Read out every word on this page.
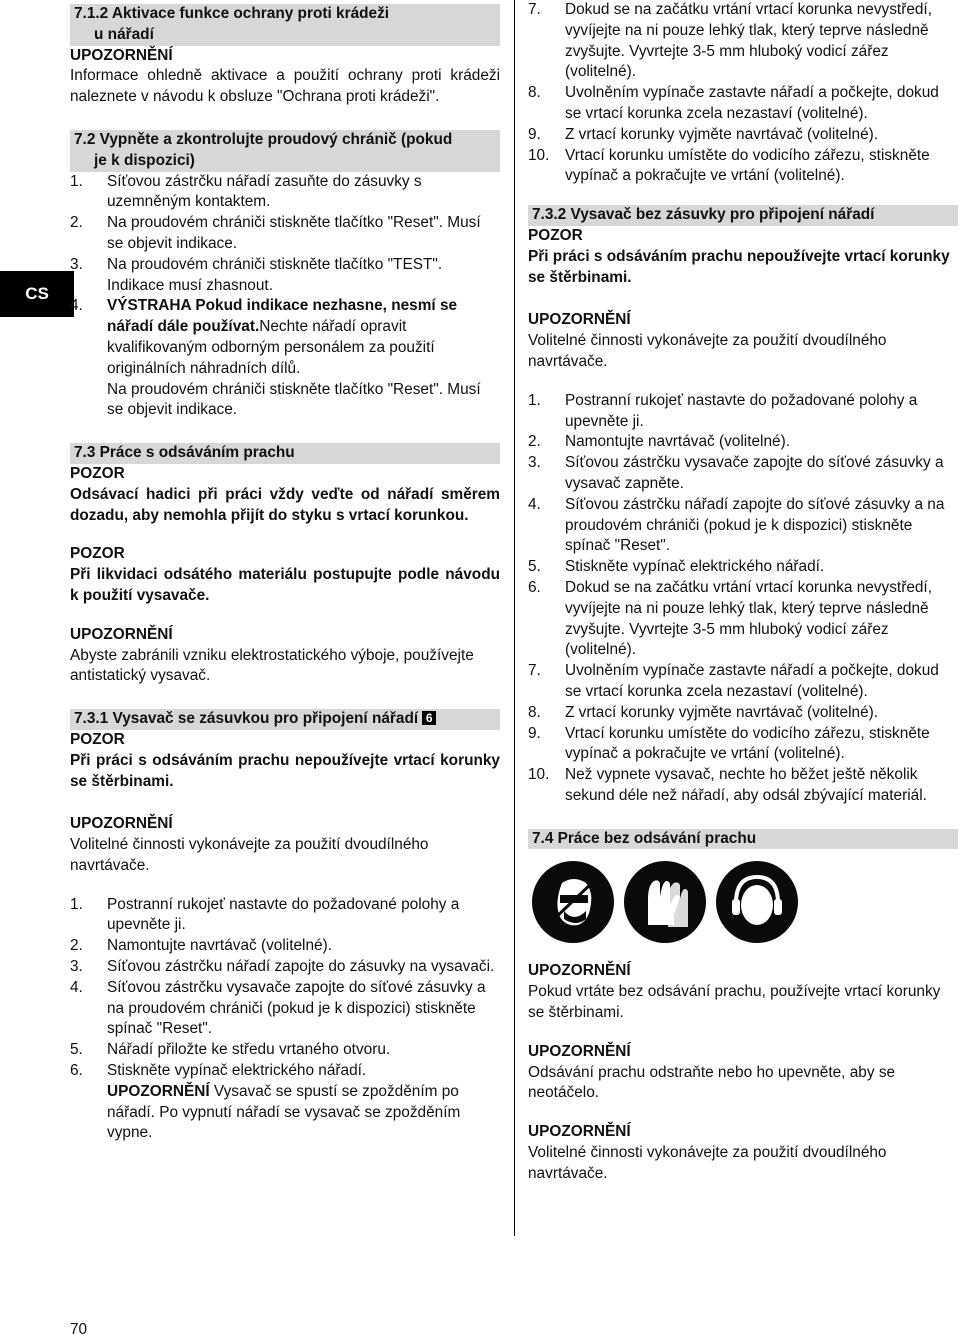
CS
7.1.2 Aktivace funkce ochrany proti krádeži
u nářadí

UPOZORNĚNÍ

Informace ohledně aktivace a použití ochrany proti krádeži naleznete v návodu k obsluze "Ochrana proti krádeži".

7.2 Vypněte a zkontrolujte proudový chránič (pokud
je k dispozici)
1. Síťovou zástrčku nářadí zasuňte do zásuvky s uzemněným kontaktem.
2. Na proudovém chrániči stiskněte tlačítko "Reset". Musí se objevit indikace.
3. Na proudovém chrániči stiskněte tlačítko "TEST". Indikace musí zhasnout.
4. VÝSTRAHA Pokud indikace nezhasne, nesmí se nářadí dále používat.Nechte nářadí opravit kvalifikovaným odborným personálem za použití originálních náhradních dílů.
Na proudovém chrániči stiskněte tlačítko "Reset". Musí se objevit indikace.
7.3 Práce s odsáváním prachu

POZOR

Odsávací hadici při práci vždy veďte od nářadí směrem dozadu, aby nemohla přijít do styku s vrtací korunkou.

POZOR

Při likvidaci odsátého materiálu postupujte podle návodu k použití vysavače.

UPOZORNĚNÍ

Abyste zabránili vzniku elektrostatického výboje, používejte antistatický vysavač.

7.3.1 Vysavač se zásuvkou pro připojení nářadí 6

POZOR

Při práci s odsáváním prachu nepoužívejte vrtací korunky se štěrbinami.

UPOZORNĚNÍ

Volitelné činnosti vykonávejte za použití dvoudílného navrtávače.

1. Postranní rukojeť nastavte do požadované polohy a upevněte ji.
2. Namontujte navrtávač (volitelné).
3. Síťovou zástrčku nářadí zapojte do zásuvky na vysavači.
4. Síťovou zástrčku vysavače zapojte do síťové zásuvky a na proudovém chrániči (pokud je k dispozici) stiskněte spínač "Reset".
5. Nářadí přiložte ke středu vrtaného otvoru.
6. Stiskněte vypínač elektrického nářadí.
UPOZORNĚNÍ Vysavač se spustí se zpožděním po nářadí. Po vypnutí nářadí se vysavač se zpožděním vypne.
7. Dokud se na začátku vrtání vrtací korunka nevystředí, vyvíjejte na ni pouze lehký tlak, který teprve následně zvyšujte. Vyvrtejte 3-5 mm hluboký vodicí zářez (volitelné).
8. Uvolněním vypínače zastavte nářadí a počkejte, dokud se vrtací korunka zcela nezastaví (volitelné).
9. Z vrtací korunky vyjměte navrtávač (volitelné).
10. Vrtací korunku umístěte do vodicího zářezu, stiskněte vypínač a pokračujte ve vrtání (volitelné).
7.3.2 Vysavač bez zásuvky pro připojení nářadí

POZOR

Při práci s odsáváním prachu nepoužívejte vrtací korunky se štěrbinami.

UPOZORNĚNÍ

Volitelné činnosti vykonávejte za použití dvoudílného navrtávače.

1. Postranní rukojeť nastavte do požadované polohy a upevněte ji.
2. Namontujte navrtávač (volitelné).
3. Síťovou zástrčku vysavače zapojte do síťové zásuvky a vysavač zapněte.
4. Síťovou zástrčku nářadí zapojte do síťové zásuvky a na proudovém chrániči (pokud je k dispozici) stiskněte spínač "Reset".
5. Stiskněte vypínač elektrického nářadí.
6. Dokud se na začátku vrtání vrtací korunka nevystředí, vyvíjejte na ni pouze lehký tlak, který teprve následně zvyšujte. Vyvrtejte 3-5 mm hluboký vodicí zářez (volitelné).
7. Uvolněním vypínače zastavte nářadí a počkejte, dokud se vrtací korunka zcela nezastaví (volitelné).
8. Z vrtací korunky vyjměte navrtávač (volitelné).
9. Vrtací korunku umístěte do vodicího zářezu, stiskněte vypínač a pokračujte ve vrtání (volitelné).
10. Než vypnete vysavač, nechte ho běžet ještě několik sekund déle než nářadí, aby odsál zbývající materiál.
7.4 Práce bez odsávání prachu

UPOZORNĚNÍ

Pokud vrtáte bez odsávání prachu, používejte vrtací korunky se štěrbinami.

UPOZORNĚNÍ

Odsávání prachu odstraňte nebo ho upevněte, aby se neotáčelo.

UPOZORNĚNÍ

Volitelné činnosti vykonávejte za použití dvoudílného navrtávače.

70
